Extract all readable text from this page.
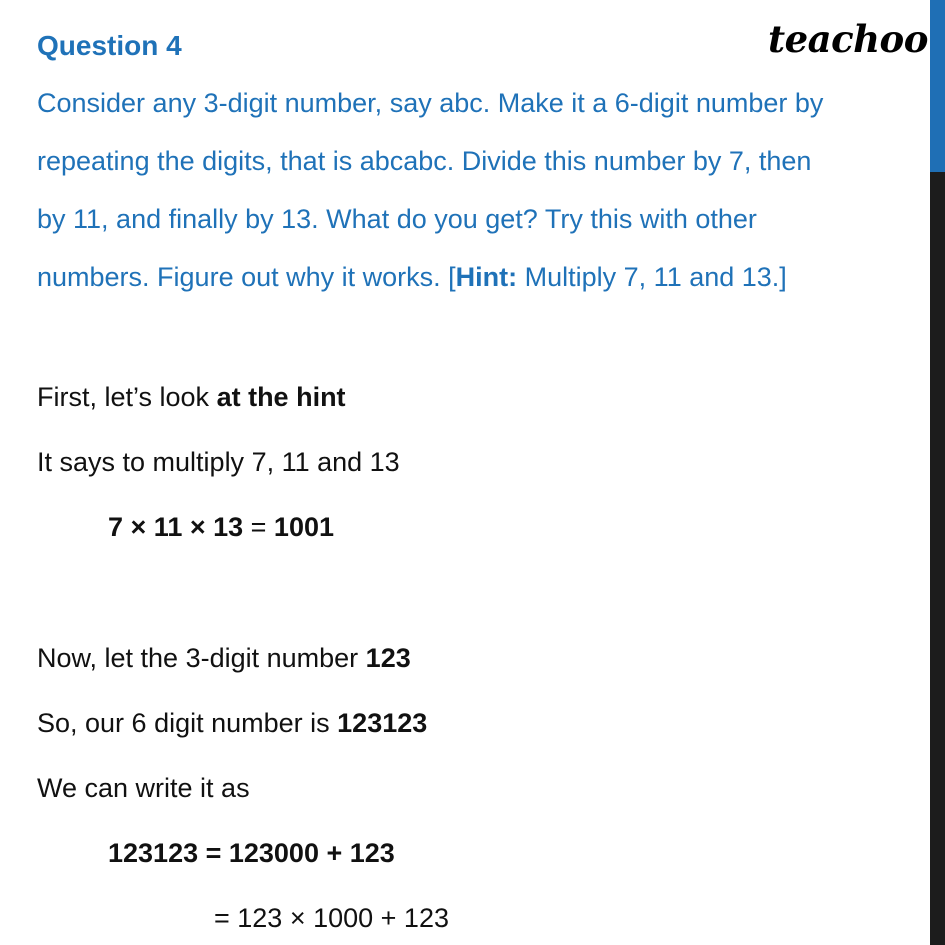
teachoo
Question 4
Consider any 3-digit number, say abc. Make it a 6-digit number by
repeating the digits, that is abcabc. Divide this number by 7, then
by 11, and finally by 13. What do you get? Try this with other
numbers. Figure out why it works. [Hint: Multiply 7, 11 and 13.]
First, let’s look at the hint
It says to multiply 7, 11 and 13
7 × 11 × 13 = 1001
Now, let the 3-digit number 123
So, our 6 digit number is 123123
We can write it as
123123 = 123000 + 123
= 123 × 1000 + 123
